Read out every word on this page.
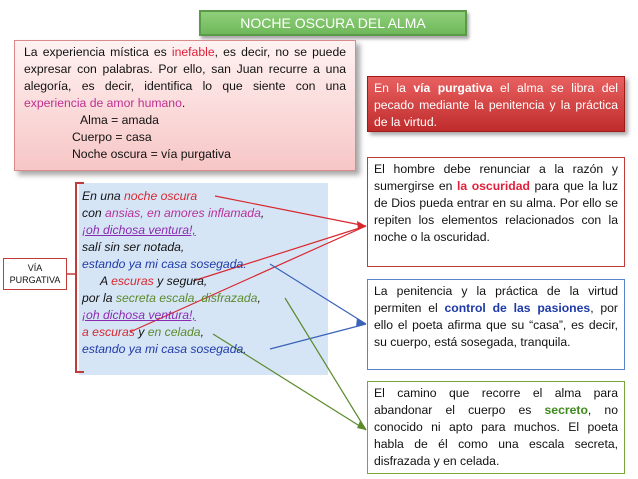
NOCHE OSCURA DEL ALMA
La experiencia mística es inefable, es decir, no se puede expresar con palabras. Por ello, san Juan recurre a una alegoría, es decir, identifica lo que siente con una experiencia de amor humano.
Alma = amada
Cuerpo = casa
Noche oscura = vía purgativa
En la vía purgativa el alma se libra del pecado mediante la penitencia y la práctica de la virtud.
El hombre debe renunciar a la razón y sumergirse en la oscuridad para que la luz de Dios pueda entrar en su alma. Por ello se repiten los elementos relacionados con la noche o la oscuridad.
La penitencia y la práctica de la virtud permiten el control de las pasiones, por ello el poeta afirma que su “casa”, es decir, su cuerpo, está sosegada, tranquila.
El camino que recorre el alma para abandonar el cuerpo es secreto, no conocido ni apto para muchos. El poeta habla de él como una escala secreta, disfrazada y en celada.
VÍA PURGATIVA
En una noche oscura
con ansias, en amores inflamada,
¡oh dichosa ventura!,
salí sin ser notada,
estando ya mi casa sosegada.
A escuras y segura,
por la secreta escala, disfrazada,
¡oh dichosa ventura!,
a escuras y en celada,
estando ya mi casa sosegada.
